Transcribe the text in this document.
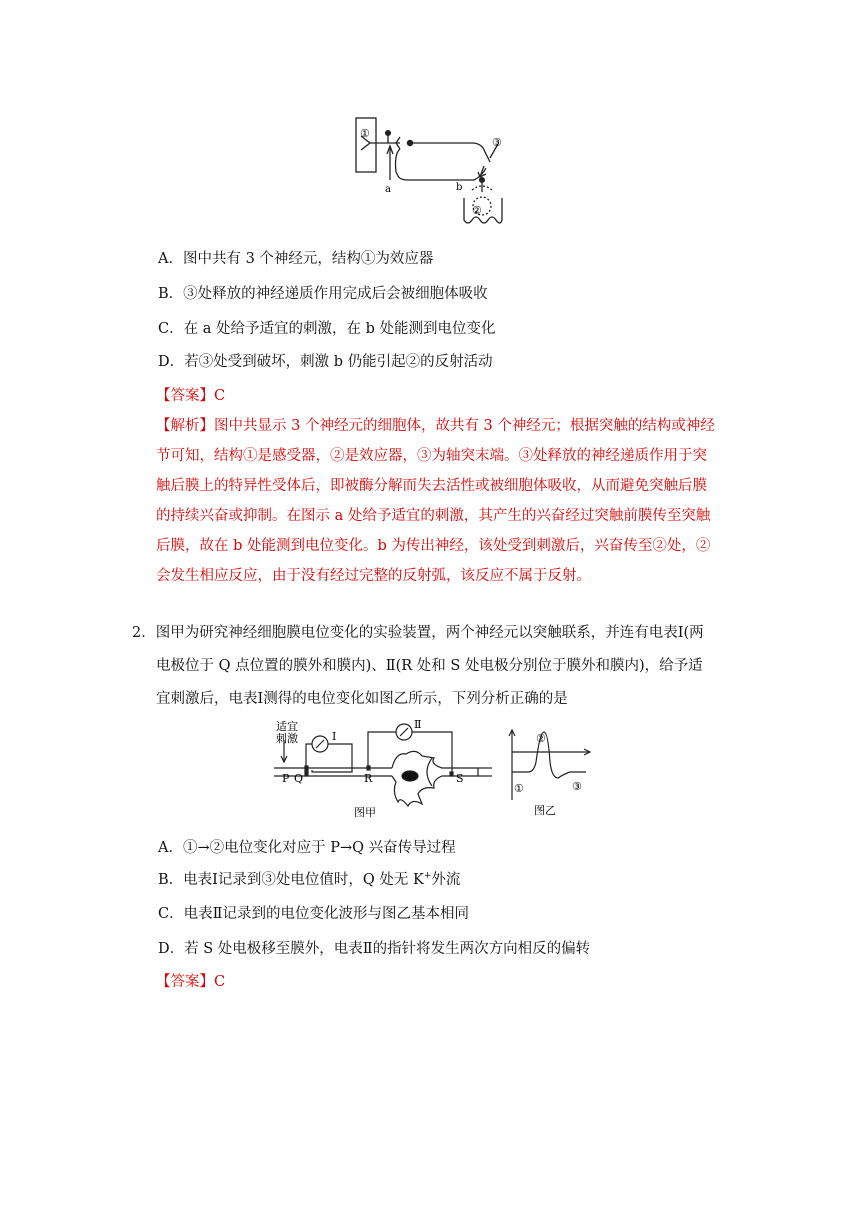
①
③
a	b
②
A．图中共有 3 个神经元，结构①为效应器
B．③处释放的神经递质作用完成后会被细胞体吸收
C．在 a 处给予适宜的刺激，在 b 处能测到电位变化
D．若③处受到破坏，刺激 b 仍能引起②的反射活动
【答案】C
【解析】图中共显示 3 个神经元的细胞体，故共有 3 个神经元；根据突触的结构或神经
节可知，结构①是感受器，②是效应器，③为轴突末端。③处释放的神经递质作用于突
触后膜上的特异性受体后，即被酶分解而失去活性或被细胞体吸收，从而避免突触后膜
的持续兴奋或抑制。在图示 a 处给予适宜的刺激，其产生的兴奋经过突触前膜传至突触
后膜，故在 b 处能测到电位变化。b 为传出神经，该处受到刺激后，兴奋传至②处，②
会发生相应反应，由于没有经过完整的反射弧，该反应不属于反射。
2．图甲为研究神经细胞膜电位变化的实验装置，两个神经元以突触联系，并连有电表Ⅰ(两
电极位于 Q 点位置的膜外和膜内)、Ⅱ(R 处和 S 处电极分别位于膜外和膜内)，给予适
宜刺激后，电表Ⅰ测得的电位变化如图乙所示，下列分析正确的是
适宜
刺激	Ⅰ
Ⅱ
P Q	R	S
图甲
①
②
③
图乙
A．①→②电位变化对应于 P→Q 兴奋传导过程
B．电表Ⅰ记录到③处电位值时，Q 处无 K+外流
C．电表Ⅱ记录到的电位变化波形与图乙基本相同
D．若 S 处电极移至膜外，电表Ⅱ的指针将发生两次方向相反的偏转
【答案】C
